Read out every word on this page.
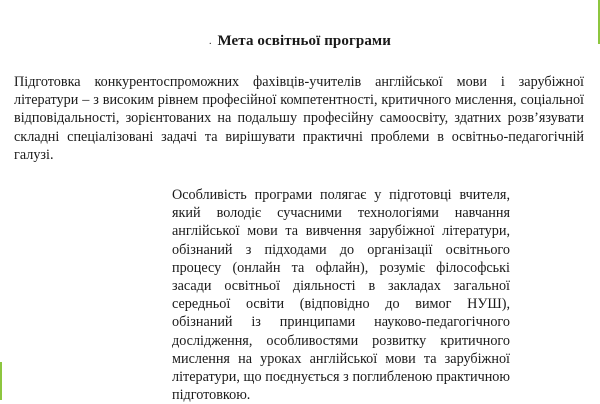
. Мета освітньої програми

Підготовка конкурентоспроможних фахівців-учителів англійської мови і зарубіжної літератури – з високим рівнем професійної компетентності, критичного мислення, соціальної відповідальності, зорієнтованих на подальшу професійну самоосвіту, здатних розв’язувати складні спеціалізовані задачі та вирішувати практичні проблеми в освітньо-педагогічній галузі.

Особливість програми полягає у підготовці вчителя, який володіє сучасними технологіями навчання англійської мови та вивчення зарубіжної літератури, обізнаний з підходами до організації освітнього процесу (онлайн та офлайн), розуміє філософські засади освітньої діяльності в закладах загальної середньої освіти (відповідно до вимог НУШ), обізнаний із принципами науково-педагогічного дослідження, особливостями розвитку критичного мислення на уроках англійської мови та зарубіжної літератури, що поєднується з поглибленою практичною підготовкою.
